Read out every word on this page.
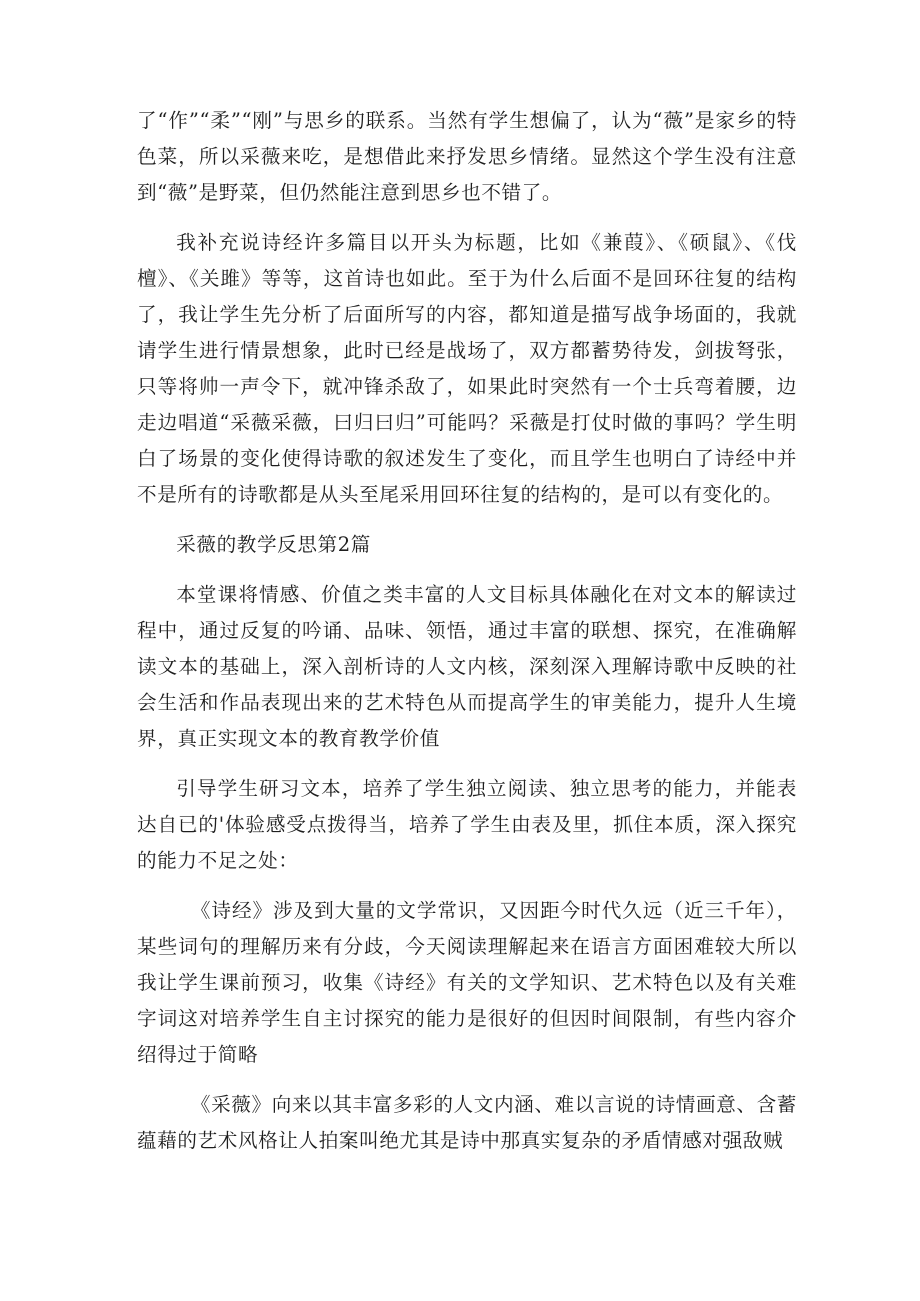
了“作”“柔”“刚”与思乡的联系。当然有学生想偏了，认为“薇”是家乡的特色菜，所以采薇来吃，是想借此来抒发思乡情绪。显然这个学生没有注意到“薇”是野菜，但仍然能注意到思乡也不错了。

我补充说诗经许多篇目以开头为标题，比如《兼葭》、《硕鼠》、《伐檀》、《关雎》等等，这首诗也如此。至于为什么后面不是回环往复的结构了，我让学生先分析了后面所写的内容，都知道是描写战争场面的，我就请学生进行情景想象，此时已经是战场了，双方都蓄势待发，剑拔弩张，只等将帅一声令下，就冲锋杀敌了，如果此时突然有一个士兵弯着腰，边走边唱道“采薇采薇，曰归曰归”可能吗？采薇是打仗时做的事吗？学生明白了场景的变化使得诗歌的叙述发生了变化，而且学生也明白了诗经中并不是所有的诗歌都是从头至尾采用回环往复的结构的，是可以有变化的。

采薇的教学反思第2篇

本堂课将情感、价值之类丰富的人文目标具体融化在对文本的解读过程中，通过反复的吟诵、品味、领悟，通过丰富的联想、探究，在准确解读文本的基础上，深入剖析诗的人文内核，深刻深入理解诗歌中反映的社会生活和作品表现出来的艺术特色从而提高学生的审美能力，提升人生境界，真正实现文本的教育教学价值

引导学生研习文本，培养了学生独立阅读、独立思考的能力，并能表达自已的'体验感受点拨得当，培养了学生由表及里，抓住本质，深入探究的能力不足之处：

《诗经》涉及到大量的文学常识，又因距今时代久远（近三千年），某些词句的理解历来有分歧，今天阅读理解起来在语言方面困难较大所以我让学生课前预习，收集《诗经》有关的文学知识、艺术特色以及有关难字词这对培养学生自主讨探究的能力是很好的但因时间限制，有些内容介绍得过于简略

《采薇》向来以其丰富多彩的人文内涵、难以言说的诗情画意、含蓄蕴藉的艺术风格让人拍案叫绝尤其是诗中那真实复杂的矛盾情感对强敌贼
